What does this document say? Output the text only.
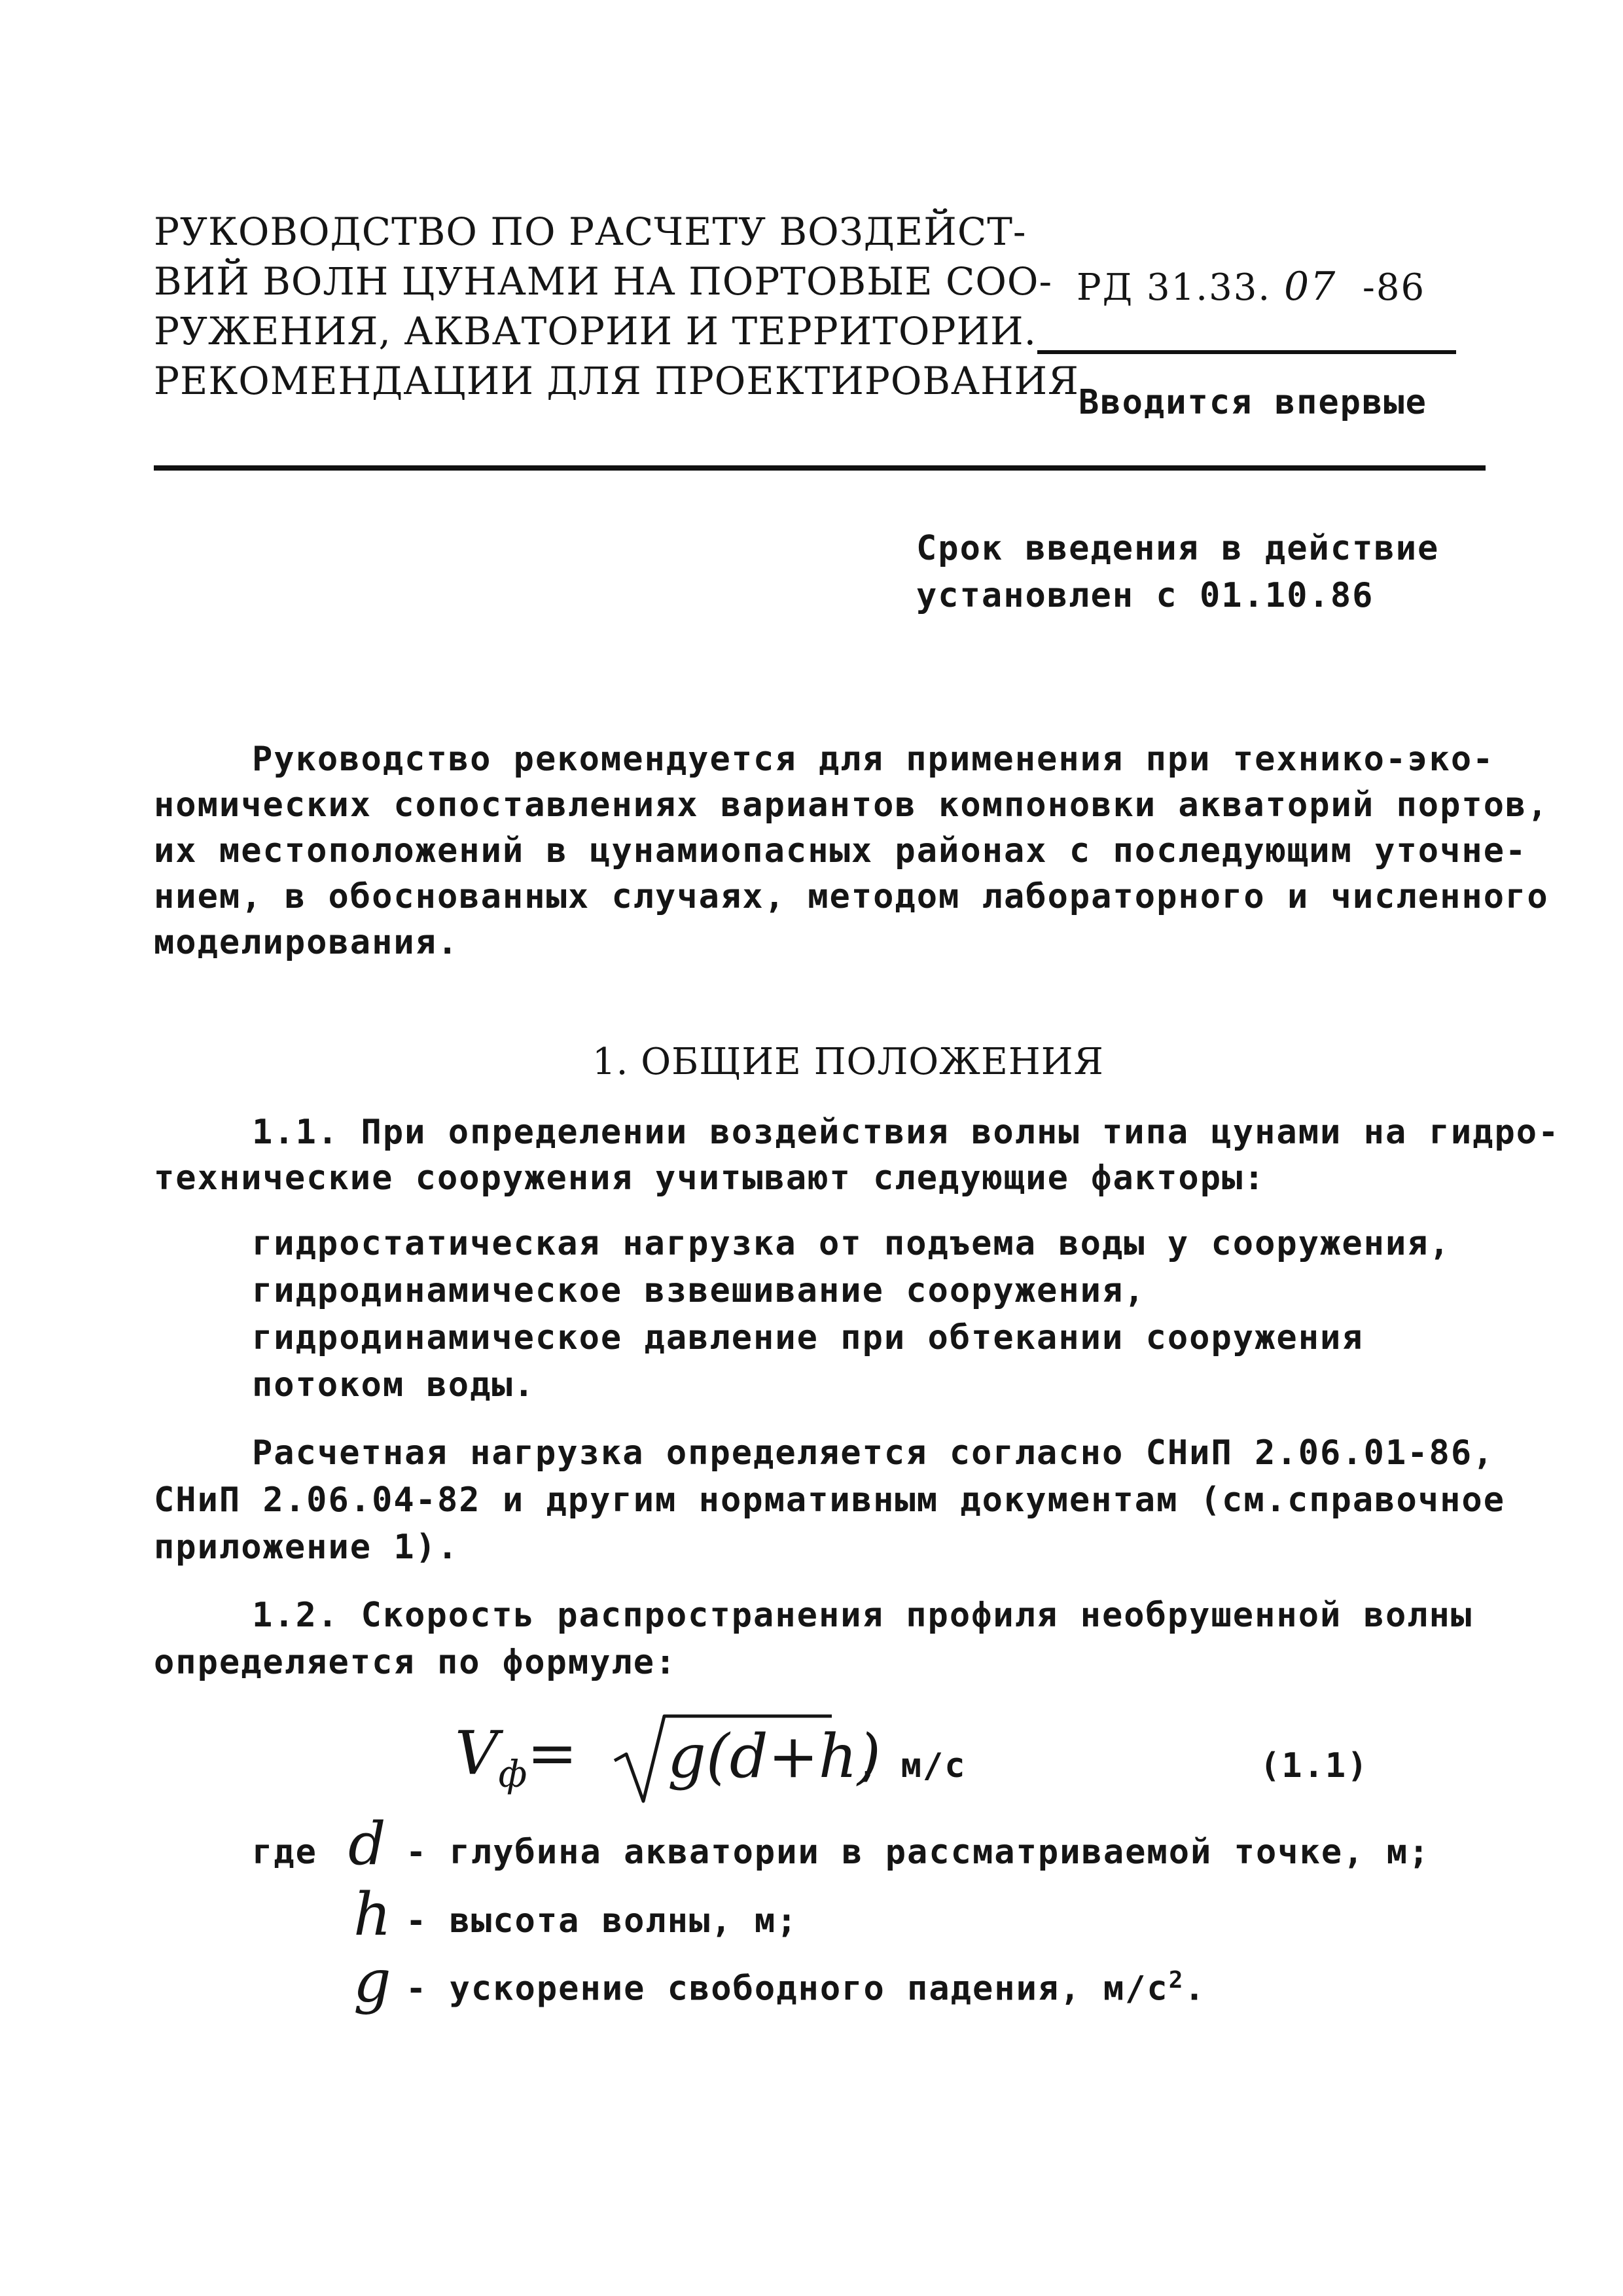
РУКОВОДСТВО ПО РАСЧЕТУ ВОЗДЕЙСТ-
ВИЙ ВОЛН ЦУНАМИ НА ПОРТОВЫЕ СОО-
РУЖЕНИЯ, АКВАТОРИИ И ТЕРРИТОРИИ.
РЕКОМЕНДАЦИИ ДЛЯ ПРОЕКТИРОВАНИЯ
РД 31.33. 07 -86
Вводится впервые
Срок введения в действие
установлен с 01.10.86
Руководство рекомендуется для применения при технико-эко-
номических сопоставлениях вариантов компоновки акваторий портов,
их местоположений в цунамиопасных районах с последующим уточне-
нием, в обоснованных случаях, методом лабораторного и численного
моделирования.
1. ОБЩИЕ ПОЛОЖЕНИЯ
1.1. При определении воздействия волны типа цунами на гидро-
технические сооружения учитывают следующие факторы:
гидростатическая нагрузка от подъема воды у сооружения,
гидродинамическое взвешивание сооружения,
гидродинамическое давление при обтекании сооружения
потоком воды.
Расчетная нагрузка определяется согласно СНиП 2.06.01-86,
СНиП 2.06.04-82 и другим нормативным документам (см.справочное
приложение 1).
1.2. Скорость распространения профиля необрушенной волны
определяется по формуле:
$V_ф= g(d+h)$
, м/с	(1.1)
где d - глубина акватории в рассматриваемой точке, м;
h - высота волны, м;
g - ускорение свободного падения, $м/с^2$.
